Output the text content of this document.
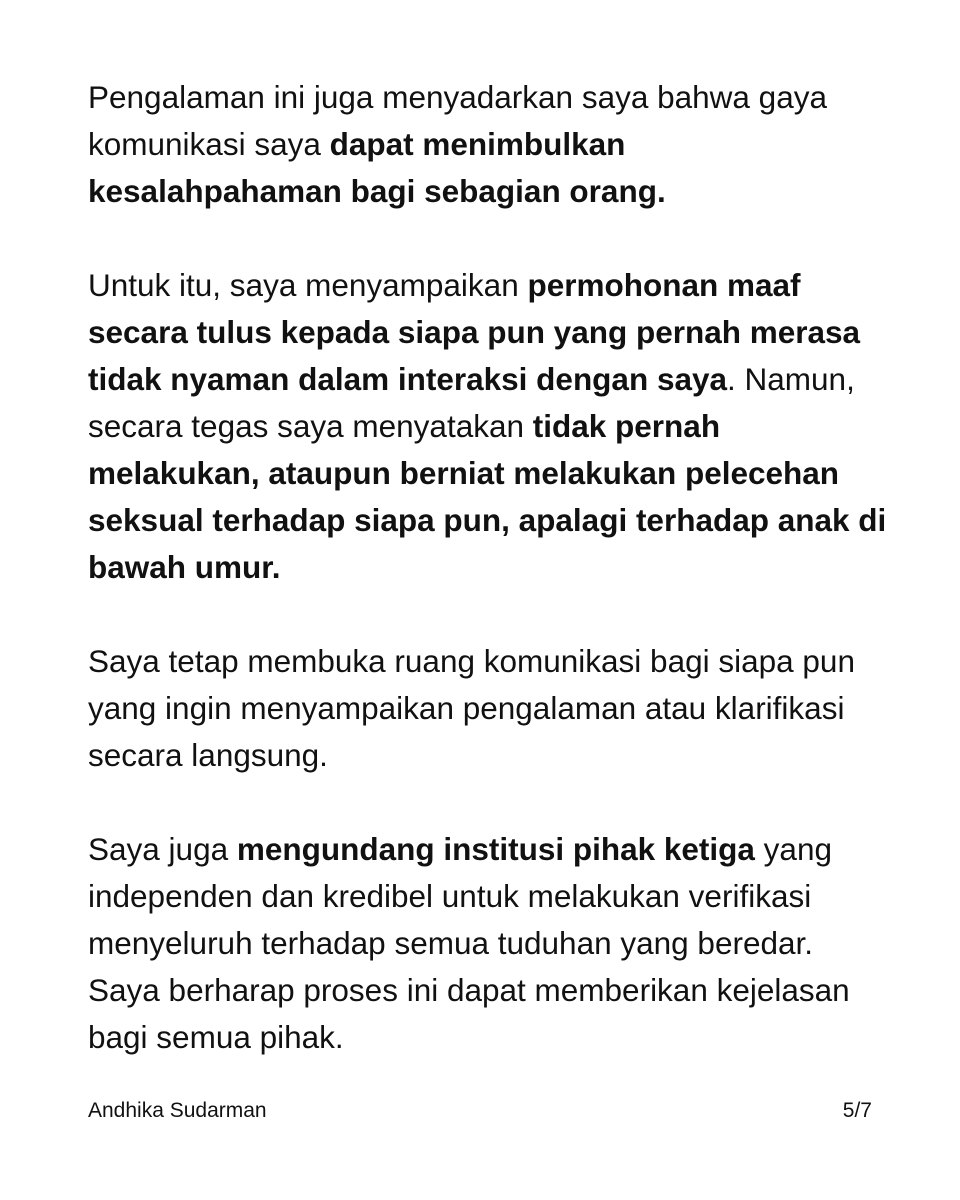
Pengalaman ini juga menyadarkan saya bahwa gaya komunikasi saya dapat menimbulkan kesalahpahaman bagi sebagian orang.

Untuk itu, saya menyampaikan permohonan maaf secara tulus kepada siapa pun yang pernah merasa tidak nyaman dalam interaksi dengan saya. Namun, secara tegas saya menyatakan tidak pernah melakukan, ataupun berniat melakukan pelecehan seksual terhadap siapa pun, apalagi terhadap anak di bawah umur.

Saya tetap membuka ruang komunikasi bagi siapa pun yang ingin menyampaikan pengalaman atau klarifikasi secara langsung.

Saya juga mengundang institusi pihak ketiga yang independen dan kredibel untuk melakukan verifikasi menyeluruh terhadap semua tuduhan yang beredar. Saya berharap proses ini dapat memberikan kejelasan bagi semua pihak.

Andhika Sudarman	5/7
